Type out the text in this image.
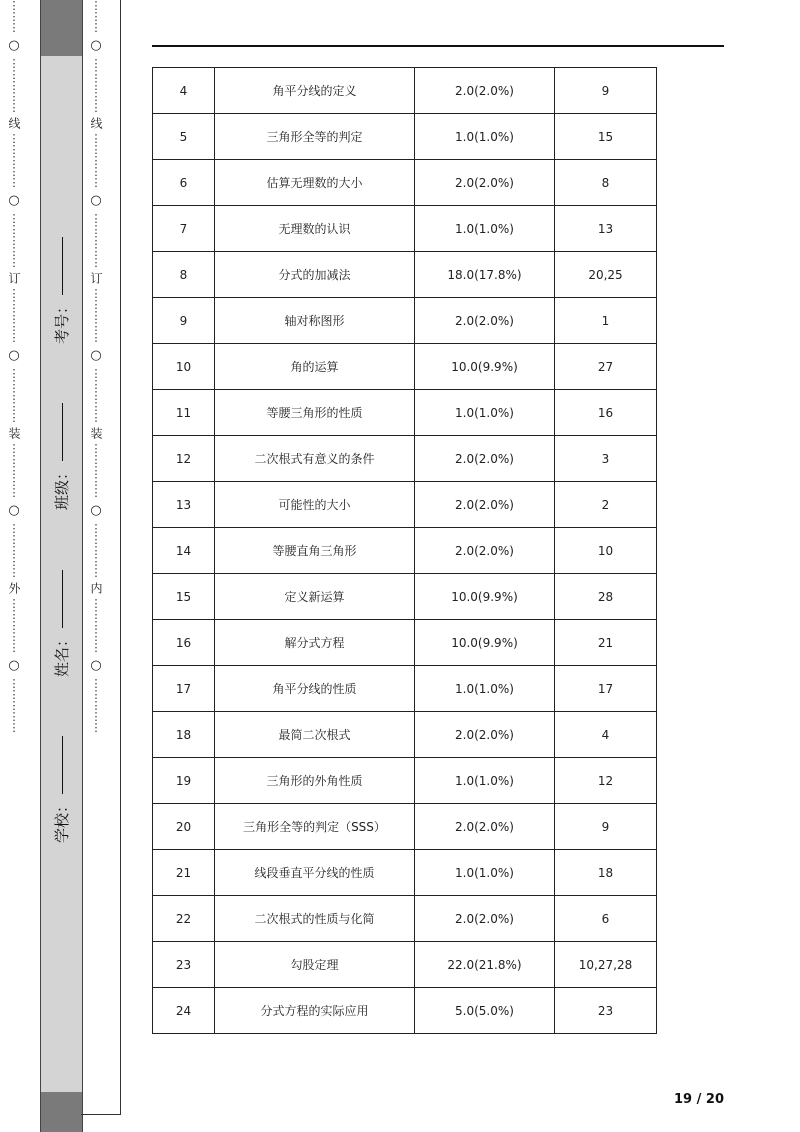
⋮
⋮
⋮
○
⋮
⋮
⋮
⋮
⋮
线
⋮
⋮
⋮
⋮
⋮
○
⋮
⋮
⋮
⋮
⋮
订
⋮
⋮
⋮
⋮
⋮
○
⋮
⋮
⋮
⋮
⋮
装
⋮
⋮
⋮
⋮
⋮
○
⋮
⋮
⋮
⋮
⋮
外
⋮
⋮
⋮
⋮
⋮
○
⋮
⋮
⋮
⋮
⋮
学校：
姓名：
班级：
考号：
⋮
⋮
⋮
○
⋮
⋮
⋮
⋮
⋮
线
⋮
⋮
⋮
⋮
⋮
○
⋮
⋮
⋮
⋮
⋮
订
⋮
⋮
⋮
⋮
⋮
○
⋮
⋮
⋮
⋮
⋮
装
⋮
⋮
⋮
⋮
⋮
○
⋮
⋮
⋮
⋮
⋮
内
⋮
⋮
⋮
⋮
⋮
○
⋮
⋮
⋮
⋮
⋮
4	角平分线的定义	2.0(2.0%)	9
5	三角形全等的判定	1.0(1.0%)	15
6	估算无理数的大小	2.0(2.0%)	8
7	无理数的认识	1.0(1.0%)	13
8	分式的加减法	18.0(17.8%)	20,25
9	轴对称图形	2.0(2.0%)	1
10	角的运算	10.0(9.9%)	27
11	等腰三角形的性质	1.0(1.0%)	16
12	二次根式有意义的条件	2.0(2.0%)	3
13	可能性的大小	2.0(2.0%)	2
14	等腰直角三角形	2.0(2.0%)	10
15	定义新运算	10.0(9.9%)	28
16	解分式方程	10.0(9.9%)	21
17	角平分线的性质	1.0(1.0%)	17
18	最简二次根式	2.0(2.0%)	4
19	三角形的外角性质	1.0(1.0%)	12
20	三角形全等的判定（SSS）	2.0(2.0%)	9
21	线段垂直平分线的性质	1.0(1.0%)	18
22	二次根式的性质与化简	2.0(2.0%)	6
23	勾股定理	22.0(21.8%)	10,27,28
24	分式方程的实际应用	5.0(5.0%)	23
19 / 20
